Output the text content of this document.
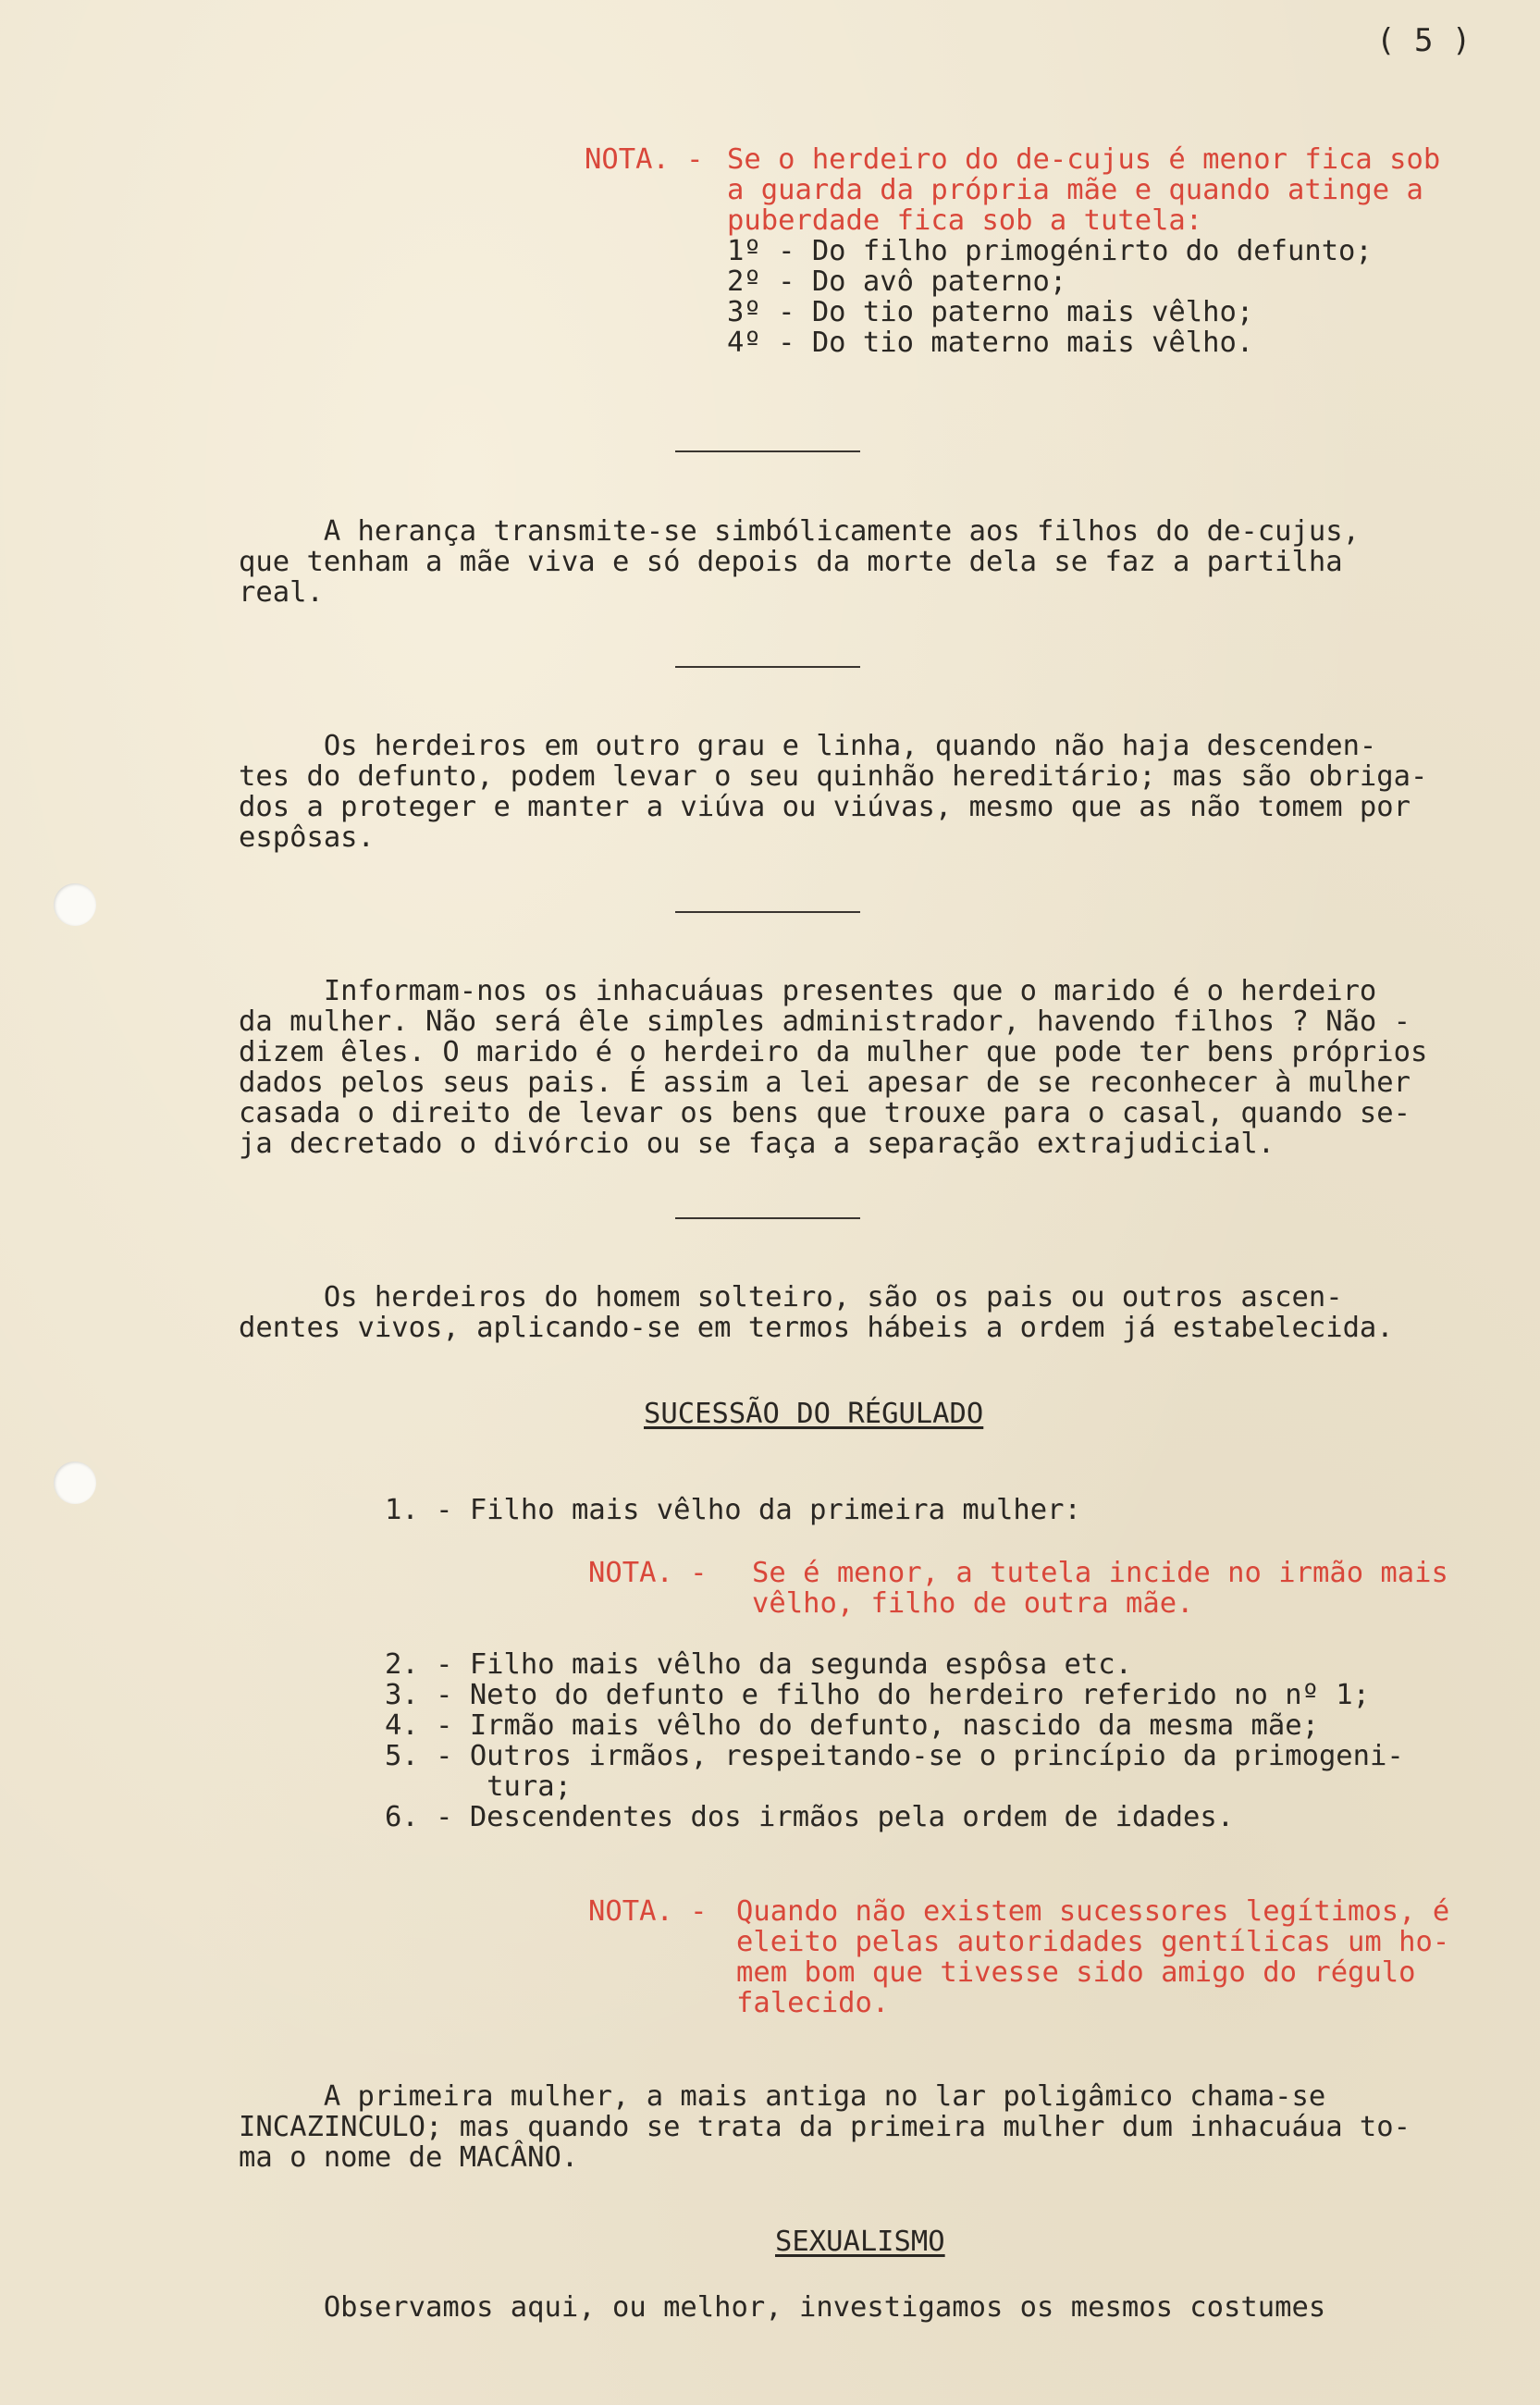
( 5 )
NOTA. - Se o herdeiro do de-cujus é menor fica sob
a guarda da própria mãe e quando atinge a
puberdade fica sob a tutela:
1º - Do filho primogénirto do defunto;
2º - Do avô paterno;
3º - Do tio paterno mais vêlho;
4º - Do tio materno mais vêlho.
A herança transmite-se simbólicamente aos filhos do de-cujus,
que tenham a mãe viva e só depois da morte dela se faz a partilha
real.
Os herdeiros em outro grau e linha, quando não haja descenden-
tes do defunto, podem levar o seu quinhão hereditário; mas são obriga-
dos a proteger e manter a viúva ou viúvas, mesmo que as não tomem por
espôsas.
Informam-nos os inhacuáuas presentes que o marido é o herdeiro
da mulher. Não será êle simples administrador, havendo filhos ? Não -
dizem êles. O marido é o herdeiro da mulher que pode ter bens próprios
dados pelos seus pais. É assim a lei apesar de se reconhecer à mulher
casada o direito de levar os bens que trouxe para o casal, quando se-
ja decretado o divórcio ou se faça a separação extrajudicial.
Os herdeiros do homem solteiro, são os pais ou outros ascen-
dentes vivos, aplicando-se em termos hábeis a ordem já estabelecida.
SUCESSÃO DO RÉGULADO
1. - Filho mais vêlho da primeira mulher:
NOTA. - Se é menor, a tutela incide no irmão mais
vêlho, filho de outra mãe.
2. - Filho mais vêlho da segunda espôsa etc.
3. - Neto do defunto e filho do herdeiro referido no nº 1;
4. - Irmão mais vêlho do defunto, nascido da mesma mãe;
5. - Outros irmãos, respeitando-se o princípio da primogeni-
tura;
6. - Descendentes dos irmãos pela ordem de idades.
NOTA. - Quando não existem sucessores legítimos, é
eleito pelas autoridades gentílicas um ho-
mem bom que tivesse sido amigo do régulo
falecido.
A primeira mulher, a mais antiga no lar poligâmico chama-se
INCAZINCULO; mas quando se trata da primeira mulher dum inhacuáua to-
ma o nome de MACÂNO.
SEXUALISMO
Observamos aqui, ou melhor, investigamos os mesmos costumes
